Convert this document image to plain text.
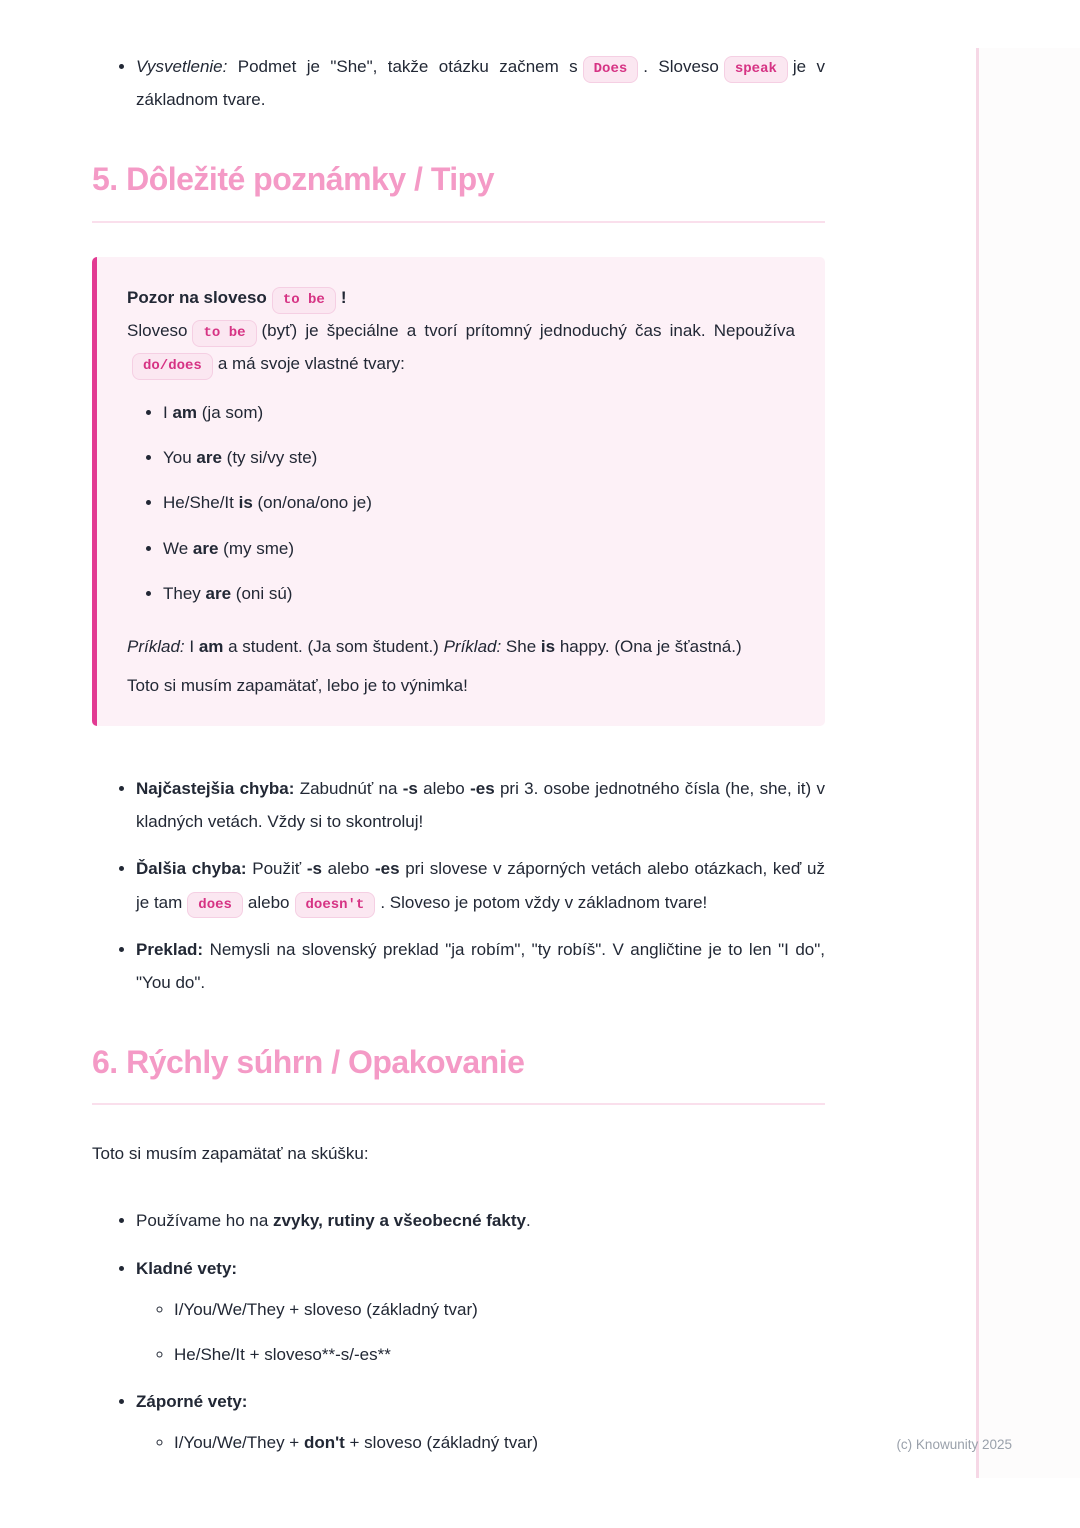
• Vysvetlenie: Podmet je "She", takže otázku začnem s Does . Sloveso speak je v základnom tvare.
5. Dôležité poznámky / Tipy

Pozor na sloveso to be !

Sloveso to be (byť) je špeciálne a tvorí prítomný jednoduchý čas inak. Nepoužívado/does a má svoje vlastné tvary:

• I am (ja som)
• You are (ty si/vy ste)
• He/She/It is (on/ona/ono je)
• We are (my sme)
• They are (oni sú)

Príklad: I am a student. (Ja som študent.) Príklad: She is happy. (Ona je šťastná.)

Toto si musím zapamätať, lebo je to výnimka!

• Najčastejšia chyba: Zabudnúť na -s alebo -es pri 3. osobe jednotného čísla (he, she, it) v kladných vetách. Vždy si to skontroluj!
• Ďalšia chyba: Použiť -s alebo -es pri slovese v záporných vetách alebo otázkach, keď už je tam does alebo doesn't . Sloveso je potom vždy v základnom tvare!
• Preklad: Nemysli na slovenský preklad "ja robím", "ty robíš". V angličtine je to len "I do", "You do".
6. Rýchly súhrn / Opakovanie

Toto si musím zapamätať na skúšku:

• Používame ho na zvyky, rutiny a všeobecné fakty.
• Kladné vety:
◦ I/You/We/They + sloveso (základný tvar)
◦ He/She/It + sloveso**-s/-es**
• Záporné vety:
◦ I/You/We/They + don't + sloveso (základný tvar)	(c) Knowunity 2025
